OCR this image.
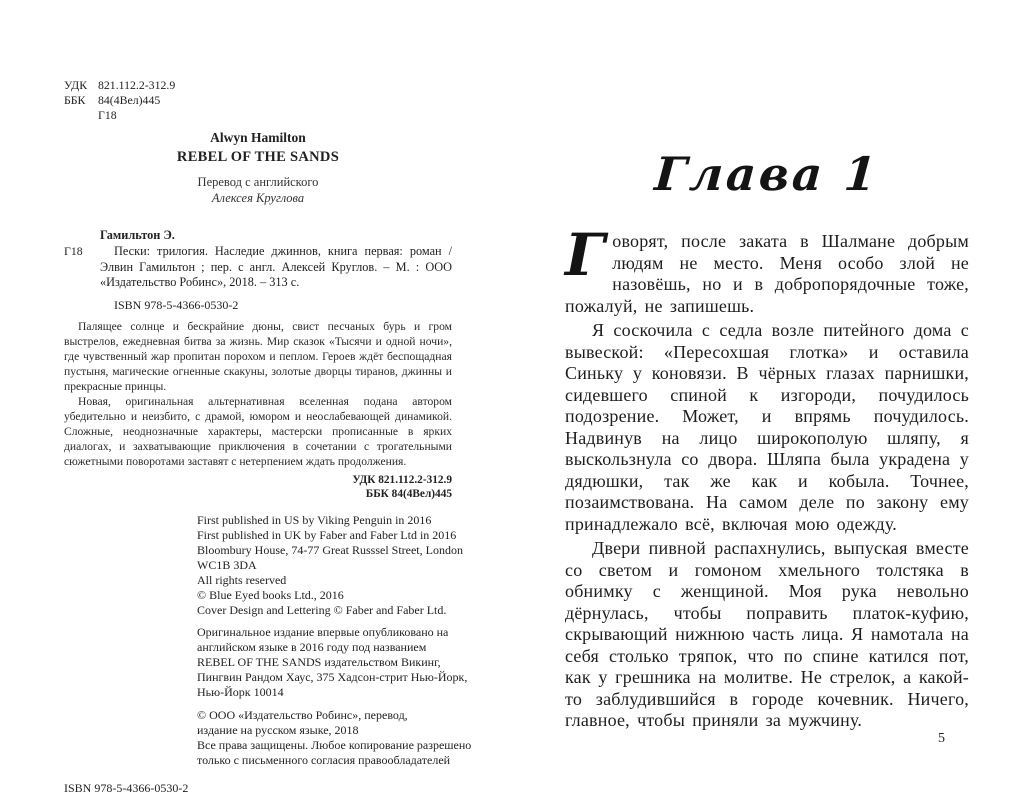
УДК 821.112.2-312.9
ББК	84(4Вел)445
Г18
Alwyn Hamilton
REBEL OF THE SANDS
Перевод с английского
Алексея Круглова
Гамильтон Э.
Г18	Пески: трилогия. Наследие джиннов, книга первая: роман / Элвин Гамильтон ; пер. с англ. Алексей Круглов. – М. : ООО «Издательство Робинс», 2018. – 313 с.

ISBN 978-5-4366-0530-2

Палящее солнце и бескрайние дюны, свист песчаных бурь и гром выстрелов, ежедневная битва за жизнь. Мир сказок «Тысячи и одной ночи», где чувственный жар пропитан порохом и пеплом. Героев ждёт беспощадная пустыня, магические огненные скакуны, золотые дворцы тиранов, джинны и прекрасные принцы.

Новая, оригинальная альтернативная вселенная подана автором убедительно и неизбито, с драмой, юмором и неослабевающей динамикой. Сложные, неоднозначные характеры, мастерски прописанные в ярких диалогах, и захватывающие приключения в сочетании с трогательными сюжетными поворотами заставят с нетерпением ждать продолжения.

УДК 821.112.2-312.9
ББК 84(4Вел)445
First published in US by Viking Penguin in 2016
First published in UK by Faber and Faber Ltd in 2016
Bloombury House, 74-77 Great Russsel Street, London
WC1B 3DA
All rights reserved
© Blue Eyed books Ltd., 2016
Cover Design and Lettering © Faber and Faber Ltd.
Оригинальное издание впервые опубликовано на
английском языке в 2016 году под названием
REBEL OF THE SANDS издательством Викинг,
Пингвин Рандом Хаус, 375 Хадсон-стрит Нью-Йорк,
Нью-Йорк 10014
© ООО «Издательство Робинс», перевод,
издание на русском языке, 2018
Все права защищены. Любое копирование разрешено
только с письменного согласия правообладателей
ISBN 978-5-4366-0530-2
Глава 1

Говорят, после заката в Шалмане добрым людям не место. Меня особо злой не назовёшь, но и в добропорядочные тоже, пожалуй, не запишешь.

Я соскочила с седла возле питейного дома с вывеской: «Пересохшая глотка» и оставила Синьку у коновязи. В чёрных глазах парнишки, сидевшего спиной к изгороди, почудилось подозрение. Может, и впрямь почудилось. Надвинув на лицо широкополую шляпу, я выскользнула со двора. Шляпа была украдена у дядюшки, так же как и кобыла. Точнее, позаимствована. На самом деле по закону ему принадлежало всё, включая мою одежду.

Двери пивной распахнулись, выпуская вместе со светом и гомоном хмельного толстяка в обнимку с женщиной. Моя рука невольно дёрнулась, чтобы поправить платок-куфию, скрывающий нижнюю часть лица. Я намотала на себя столько тряпок, что по спине катился пот, как у грешника на молитве. Не стрелок, а какой-то заблудившийся в городе кочевник. Ничего, главное, чтобы приняли за мужчину.

5
